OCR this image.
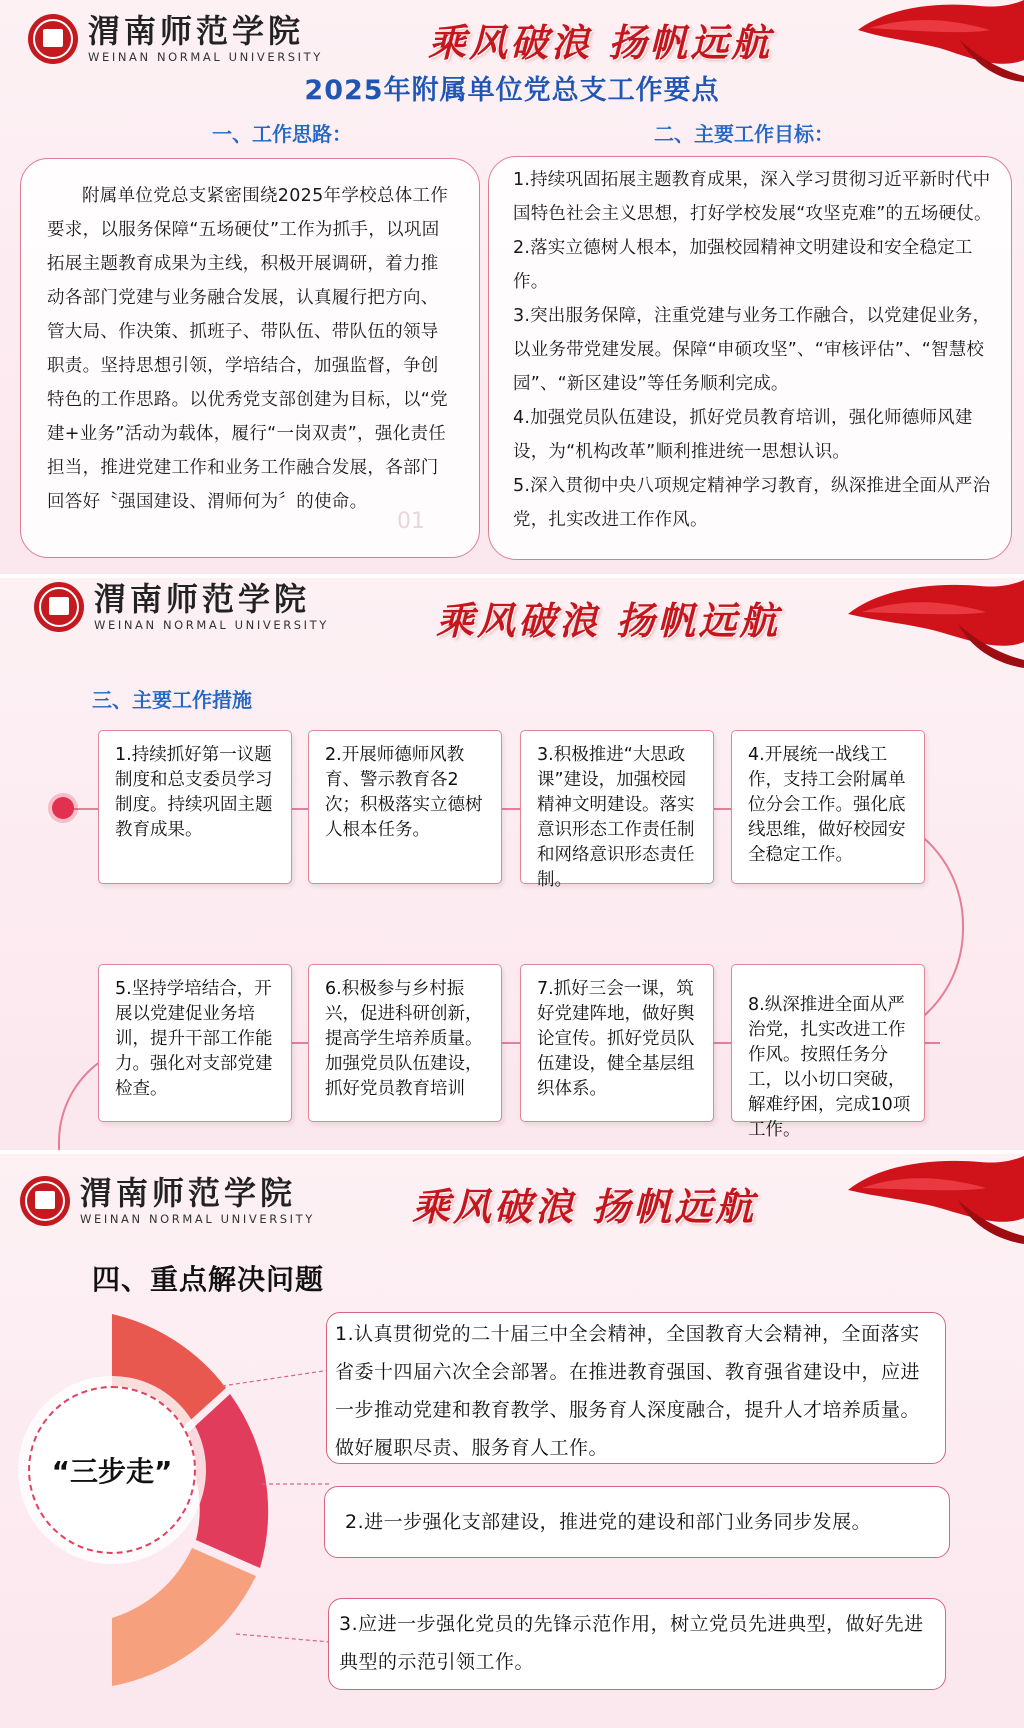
渭南师范学院
WEINAN NORMAL UNIVERSITY	乘风破浪 扬帆远航
2025年附属单位党总支工作要点
一、工作思路：	二、主要工作目标：

附属单位党总支紧密围绕2025年学校总体工作要求，以服务保障“五场硬仗”工作为抓手，以巩固拓展主题教育成果为主线，积极开展调研，着力推动各部门党建与业务融合发展，认真履行把方向、管大局、作决策、抓班子、带队伍、带队伍的领导职责。坚持思想引领，学培结合，加强监督，争创特色的工作思路。以优秀党支部创建为目标，以“党建+业务”活动为载体，履行“一岗双责”，强化责任担当，推进党建工作和业务工作融合发展，各部门回答好〝强国建设、渭师何为〞的使命。

01

1.持续巩固拓展主题教育成果，深入学习贯彻习近平新时代中国特色社会主义思想，打好学校发展“攻坚克难”的五场硬仗。

2.落实立德树人根本，加强校园精神文明建设和安全稳定工作。

3.突出服务保障，注重党建与业务工作融合，以党建促业务，以业务带党建发展。保障“申硕攻坚”、“审核评估”、“智慧校园”、“新区建设”等任务顺利完成。

4.加强党员队伍建设，抓好党员教育培训，强化师德师风建设，为“机构改革”顺利推进统一思想认识。

5.深入贯彻中央八项规定精神学习教育，纵深推进全面从严治党，扎实改进工作作风。

渭南师范学院
WEINAN NORMAL UNIVERSITY	乘风破浪 扬帆远航
三、主要工作措施
1.持续抓好第一议题制度和总支委员学习制度。持续巩固主题教育成果。
2.开展师德师风教育、警示教育各2次；积极落实立德树人根本任务。
3.积极推进“大思政课”建设，加强校园精神文明建设。落实意识形态工作责任制和网络意识形态责任制。
4.开展统一战线工作，支持工会附属单位分会工作。强化底线思维，做好校园安全稳定工作。
5.坚持学培结合，开展以党建促业务培训，提升干部工作能力。强化对支部党建检查。
6.积极参与乡村振兴，促进科研创新，提高学生培养质量。加强党员队伍建设，抓好党员教育培训
7.抓好三会一课，筑好党建阵地，做好舆论宣传。抓好党员队伍建设，健全基层组织体系。
8.纵深推进全面从严治党，扎实改进工作作风。按照任务分工，以小切口突破，解难纾困，完成10项工作。
渭南师范学院
WEINAN NORMAL UNIVERSITY	乘风破浪 扬帆远航
四、重点解决问题
“三步走”
1.认真贯彻党的二十届三中全会精神，全国教育大会精神，全面落实省委十四届六次全会部署。在推进教育强国、教育强省建设中，应进一步推动党建和教育教学、服务育人深度融合，提升人才培养质量。做好履职尽责、服务育人工作。
2.进一步强化支部建设，推进党的建设和部门业务同步发展。
3.应进一步强化党员的先锋示范作用，树立党员先进典型，做好先进典型的示范引领工作。
